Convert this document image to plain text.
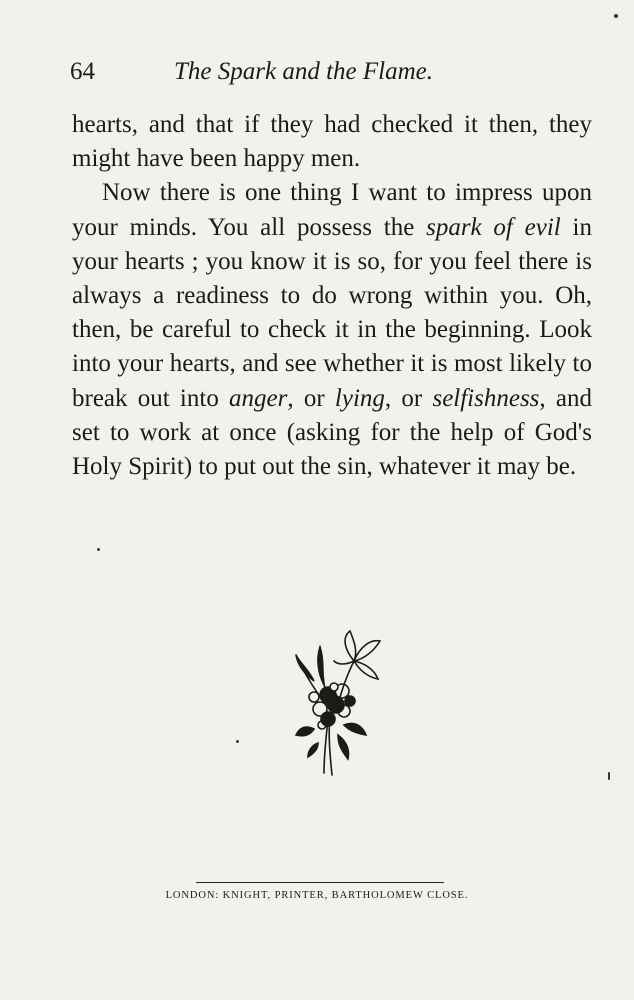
64	The Spark and the Flame.

hearts, and that if they had checked it then, they might have been happy men.

Now there is one thing I want to impress upon your minds. You all possess the spark of evil in your hearts ; you know it is so, for you feel there is always a readiness to do wrong within you. Oh, then, be careful to check it in the beginning. Look into your hearts, and see whether it is most likely to break out into anger, or lying, or selfishness, and set to work at once (asking for the help of God's Holy Spirit) to put out the sin, whatever it may be.

LONDON: KNIGHT, PRINTER, BARTHOLOMEW CLOSE.
